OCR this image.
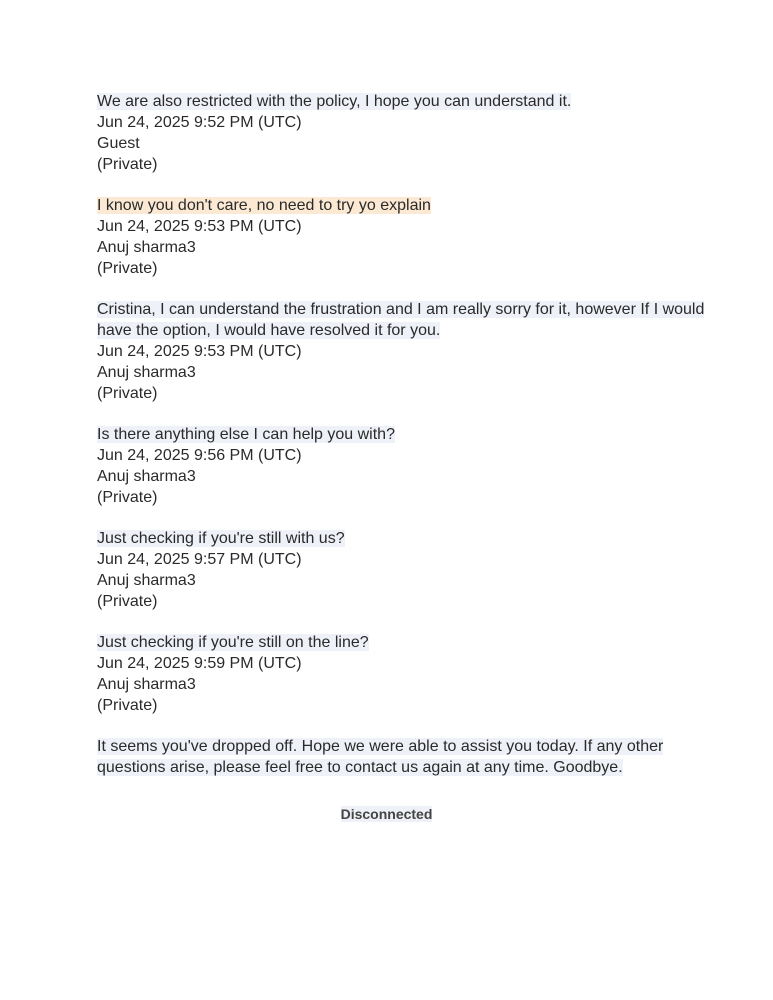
We are also restricted with the policy, I hope you can understand it.
Jun 24, 2025 9:52 PM (UTC)
Guest
(Private)
I know you don't care, no need to try yo explain
Jun 24, 2025 9:53 PM (UTC)
Anuj sharma3
(Private)
Cristina, I can understand the frustration and I am really sorry for it, however If I would have the option, I would have resolved it for you.
Jun 24, 2025 9:53 PM (UTC)
Anuj sharma3
(Private)
Is there anything else I can help you with?
Jun 24, 2025 9:56 PM (UTC)
Anuj sharma3
(Private)
Just checking if you're still with us?
Jun 24, 2025 9:57 PM (UTC)
Anuj sharma3
(Private)
Just checking if you're still on the line?
Jun 24, 2025 9:59 PM (UTC)
Anuj sharma3
(Private)
It seems you've dropped off. Hope we were able to assist you today. If any other questions arise, please feel free to contact us again at any time. Goodbye.
Disconnected
